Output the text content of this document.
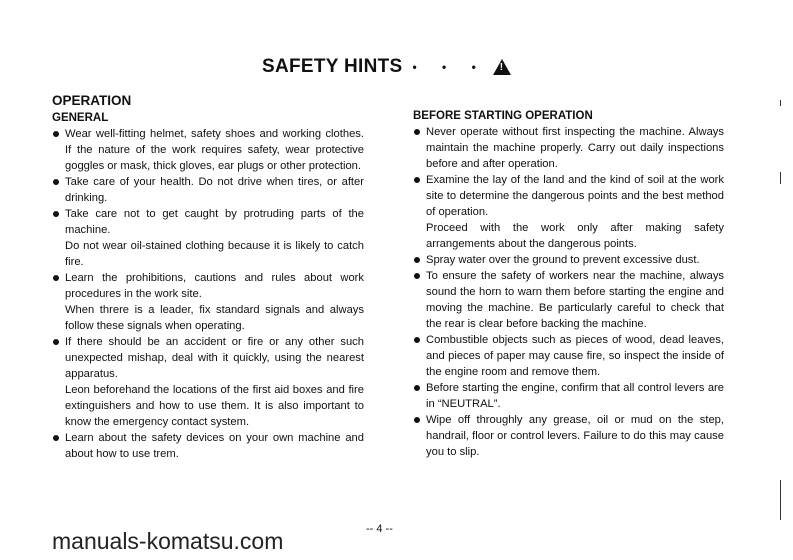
SAFETY HINTS • • • !
OPERATION
GENERAL

Wear well-fitting helmet, safety shoes and working clothes. If the nature of the work requires safety, wear protective goggles or mask, thick gloves, ear plugs or other protection.

Take care of your health. Do not drive when tires, or after drinking.

Take care not to get caught by protruding parts of the machine.

Do not wear oil-stained clothing because it is likely to catch fire.

Learn the prohibitions, cautions and rules about work procedures in the work site.

When threre is a leader, fix standard signals and always follow these signals when operating.

If there should be an accident or fire or any other such unexpected mishap, deal with it quickly, using the nearest apparatus.

Leon beforehand the locations of the first aid boxes and fire extinguishers and how to use them. It is also important to know the emergency contact system.

Learn about the safety devices on your own machine and about how to use trem.

BEFORE STARTING OPERATION

Never operate without first inspecting the machine. Always maintain the machine properly. Carry out daily inspections before and after operation.

Examine the lay of the land and the kind of soil at the work site to determine the dangerous points and the best method of operation.

Proceed with the work only after making safety arrangements about the dangerous points.

Spray water over the ground to prevent excessive dust.

To ensure the safety of workers near the machine, always sound the horn to warn them before starting the engine and moving the machine. Be particularly careful to check that the rear is clear before backing the machine.

Combustible objects such as pieces of wood, dead leaves, and pieces of paper may cause fire, so inspect the inside of the engine room and remove them.

Before starting the engine, confirm that all control levers are in “NEUTRAL”.

Wipe off throughly any grease, oil or mud on the step, handrail, floor or control levers. Failure to do this may cause you to slip.

manuals-komatsu.com	-- 4 --
